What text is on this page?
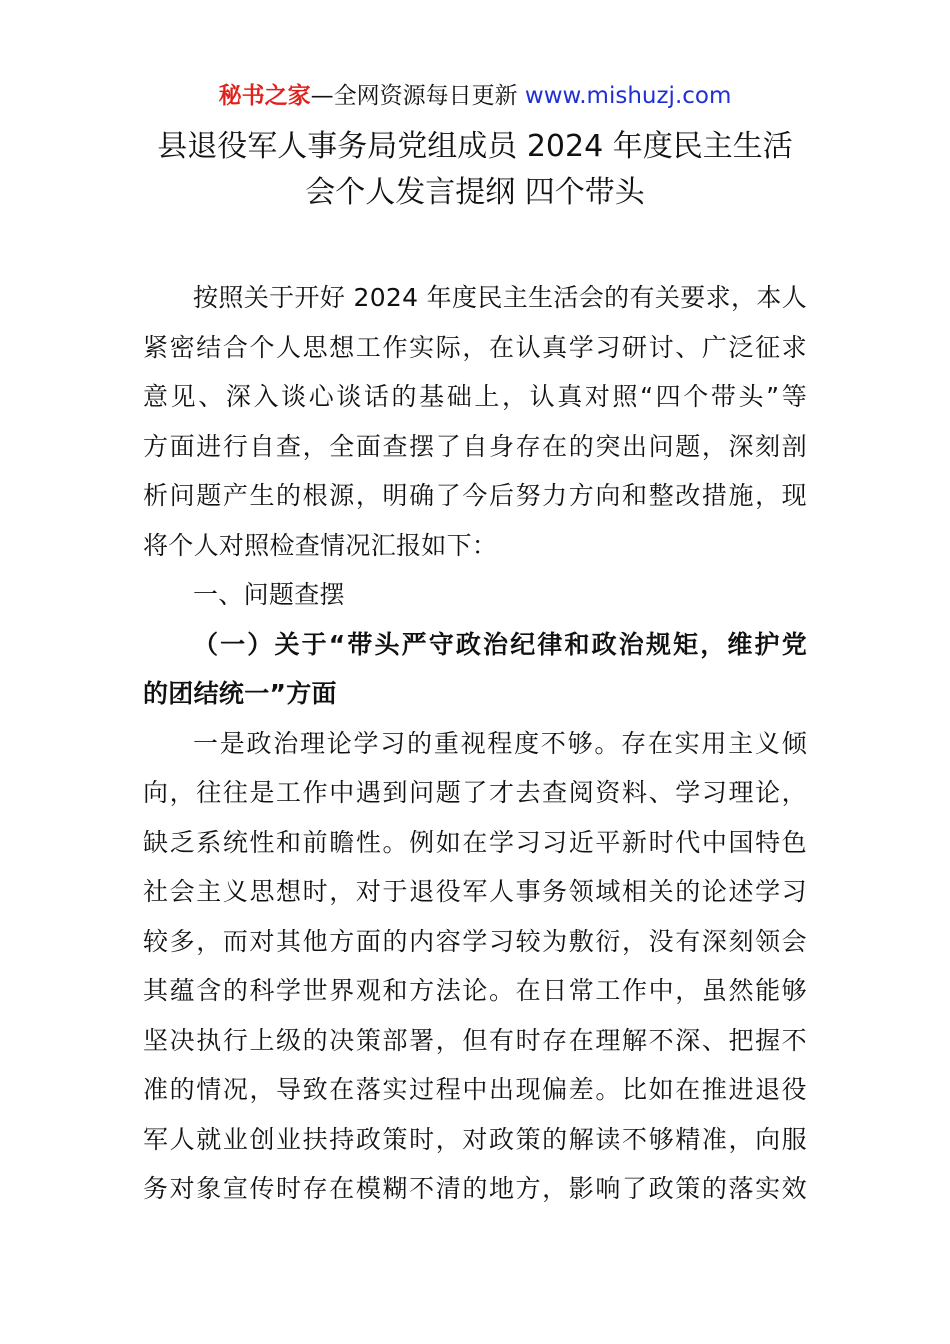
秘书之家—全网资源每日更新 www.mishuzj.com
县退役军人事务局党组成员 2024 年度民主生活
会个人发言提纲 四个带头
按照关于开好 2024 年度民主生活会的有关要求，本人
紧密结合个人思想工作实际，在认真学习研讨、广泛征求
意见、深入谈心谈话的基础上，认真对照“四个带头”等
方面进行自查，全面查摆了自身存在的突出问题，深刻剖
析问题产生的根源，明确了今后努力方向和整改措施，现
将个人对照检查情况汇报如下：
一、问题查摆
（一）关于“带头严守政治纪律和政治规矩，维护党
的团结统一”方面
一是政治理论学习的重视程度不够。存在实用主义倾
向，往往是工作中遇到问题了才去查阅资料、学习理论，
缺乏系统性和前瞻性。例如在学习习近平新时代中国特色
社会主义思想时，对于退役军人事务领域相关的论述学习
较多，而对其他方面的内容学习较为敷衍，没有深刻领会
其蕴含的科学世界观和方法论。在日常工作中，虽然能够
坚决执行上级的决策部署，但有时存在理解不深、把握不
准的情况，导致在落实过程中出现偏差。比如在推进退役
军人就业创业扶持政策时，对政策的解读不够精准，向服
务对象宣传时存在模糊不清的地方，影响了政策的落实效
